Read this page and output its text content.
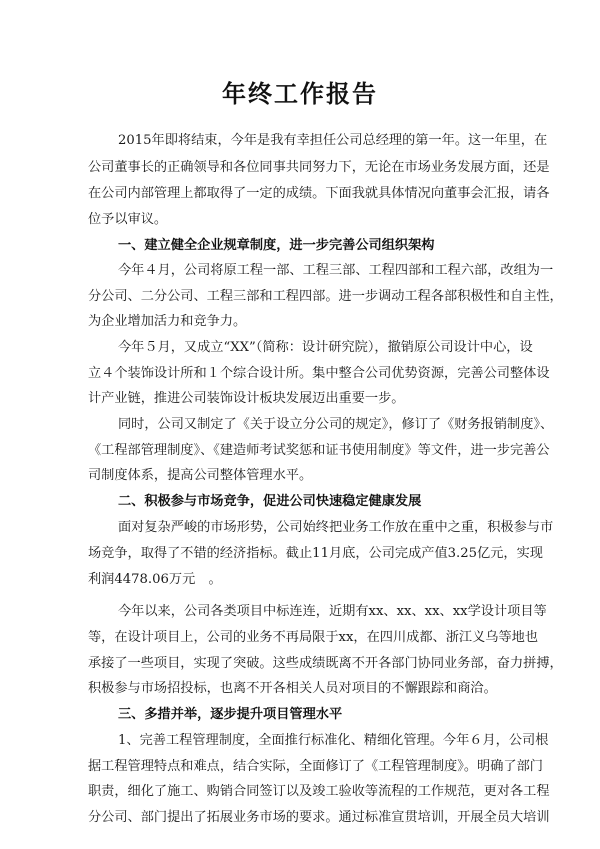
年终工作报告
2015年即将结束，今年是我有幸担任公司总经理的第一年。这一年里，在
公司董事长的正确领导和各位同事共同努力下，无论在市场业务发展方面，还是
在公司内部管理上都取得了一定的成绩。下面我就具体情况向董事会汇报，请各
位予以审议。
一、建立健全企业规章制度，进一步完善公司组织架构
今年４月，公司将原工程一部、工程三部、工程四部和工程六部，改组为一
分公司、二分公司、工程三部和工程四部。进一步调动工程各部积极性和自主性，
为企业增加活力和竞争力。
今年５月，又成立“XX”（简称：设计研究院），撤销原公司设计中心，设
立４个装饰设计所和１个综合设计所。集中整合公司优势资源，完善公司整体设
计产业链，推进公司装饰设计板块发展迈出重要一步。
同时，公司又制定了《关于设立分公司的规定》，修订了《财务报销制度》、
《工程部管理制度》、《建造师考试奖惩和证书使用制度》等文件，进一步完善公
司制度体系，提高公司整体管理水平。
二、积极参与市场竞争，促进公司快速稳定健康发展
面对复杂严峻的市场形势，公司始终把业务工作放在重中之重，积极参与市
场竞争，取得了不错的经济指标。截止11月底，公司完成产值3.25亿元，实现
利润4478.06万元　。
今年以来，公司各类项目中标连连，近期有xx、xx、xx、xx学设计项目等
等，在设计项目上，公司的业务不再局限于xx，在四川成都、浙江义乌等地也
承接了一些项目，实现了突破。这些成绩既离不开各部门协同业务部，奋力拼搏，
积极参与市场招投标，也离不开各相关人员对项目的不懈跟踪和商洽。
三、多措并举，逐步提升项目管理水平
1、完善工程管理制度，全面推行标准化、精细化管理。今年６月，公司根
据工程管理特点和难点，结合实际，全面修订了《工程管理制度》。明确了部门
职责，细化了施工、购销合同签订以及竣工验收等流程的工作规范，更对各工程
分公司、部门提出了拓展业务市场的要求。通过标准宣贯培训，开展全员大培训
